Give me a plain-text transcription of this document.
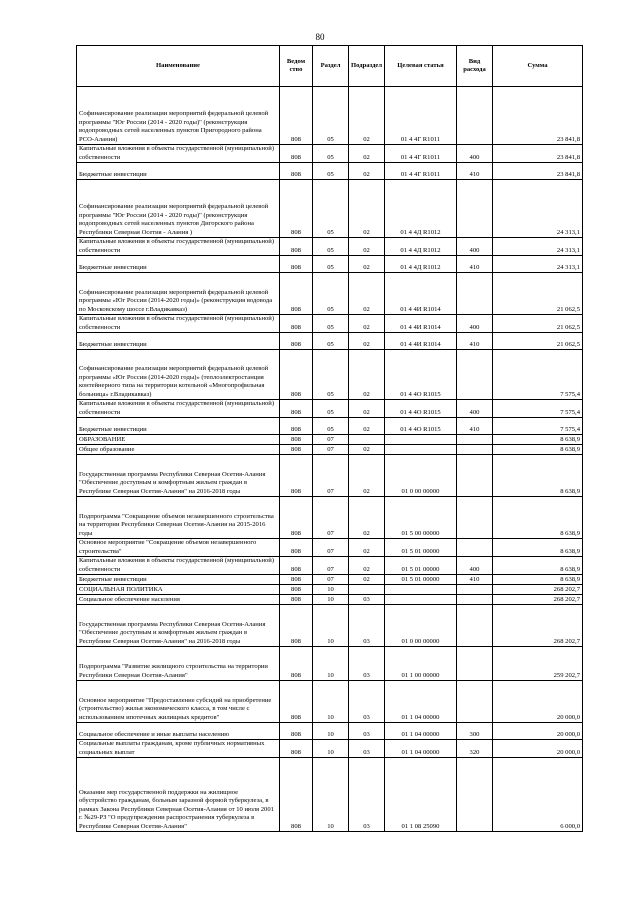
80
Наименование	Ведом ство	Раздел	Подраздел	Целевая статья	Вид расхода	Сумма
Софинансирование реализации мероприятий федеральной целевой программы "Юг России (2014 - 2020 годы)" (реконструкция водопроводных сетей населенных пунктов Пригородного района РСО-Алания)	808	05	02	01 4 4Г R1011		23 841,8
Капитальные вложения в объекты государственной (муниципальной) собственности	808	05	02	01 4 4Г R1011	400	23 841,8
Бюджетные инвестиции	808	05	02	01 4 4Г R1011	410	23 841,8
Софинансирование реализации мероприятий федеральной целевой программы "Юг России (2014 - 2020 годы)" (реконструкция водопроводных сетей населенных пунктов Дигорского района Республики Северная Осетия - Алания )	808	05	02	01 4 4Д R1012		24 313,1
Капитальные вложения в объекты государственной (муниципальной) собственности	808	05	02	01 4 4Д R1012	400	24 313,1
Бюджетные инвестиции	808	05	02	01 4 4Д R1012	410	24 313,1
Софинансирование реализации мероприятий федеральной целевой программы «Юг России (2014-2020 годы)» (реконструкция водовода по Московскому шоссе г.Владикавказ)	808	05	02	01 4 4И R1014		21 062,5
Капитальные вложения в объекты государственной (муниципальной) собственности	808	05	02	01 4 4И R1014	400	21 062,5
Бюджетные инвестиции	808	05	02	01 4 4И R1014	410	21 062,5
Софинансирование реализации мероприятий федеральной целевой программы «Юг России (2014-2020 годы)» (теплоэлектростанция контейнерного типа на территории котельной «Многопрофильная больница» г.Владикавказ)	808	05	02	01 4 4О R1015		7 575,4
Капитальные вложения в объекты государственной (муниципальной) собственности	808	05	02	01 4 4О R1015	400	7 575,4
Бюджетные инвестиции	808	05	02	01 4 4О R1015	410	7 575,4
ОБРАЗОВАНИЕ	808	07				8 638,9
Общее образование	808	07	02			8 638,9
Государственная программа Республики Северная Осетия-Алания "Обеспечение доступным и комфортным жильем граждан в Республике Северная Осетия-Алания" на 2016-2018 годы	808	07	02	01 0 00 00000		8 638,9
Подпрограмма "Сокращение объемов незавершенного строительства на территории Республики Северная Осетия-Алания на 2015-2016 годы	808	07	02	01 5 00 00000		8 638,9
Основное мероприятие "Сокращение объемов незавершенного строительства"	808	07	02	01 5 01 00000		8 638,9
Капитальные вложения в объекты государственной (муниципальной) собственности	808	07	02	01 5 01 00000	400	8 638,9
Бюджетные инвестиции	808	07	02	01 5 01 00000	410	8 638,9
СОЦИАЛЬНАЯ ПОЛИТИКА	808	10				268 202,7
Социальное обеспечение населения	808	10	03			268 202,7
Государственная программа Республики Северная Осетия-Алания "Обеспечение доступным и комфортным жильем граждан в Республике Северная Осетия-Алания" на 2016-2018 годы	808	10	03	01 0 00 00000		268 202,7
Подпрограмма "Развитие жилищного строительства на территории Республики Северная Осетия-Алания"	808	10	03	01 1 00 00000		259 202,7
Основное мероприятие "Предоставление субсидий на приобретение (строительство) жилья экономического класса, в том числе с использованием ипотечных жилищных кредитов"	808	10	03	01 1 04 00000		20 000,0
Социальное обеспечение и иные выплаты населению	808	10	03	01 1 04 00000	300	20 000,0
Социальные выплаты гражданам, кроме публичных нормативных социальных выплат	808	10	03	01 1 04 00000	320	20 000,0
Оказание мер государственной поддержки на жилищное обустройство гражданам, больным заразной формой туберкулеза, в рамках Закона Республики Северная Осетия-Алания от 10 июля 2001 г. №29-РЗ "О предупреждении распространения туберкулеза в Республике Северная Осетия-Алания"	808	10	03	01 1 08 25090		6 000,0
